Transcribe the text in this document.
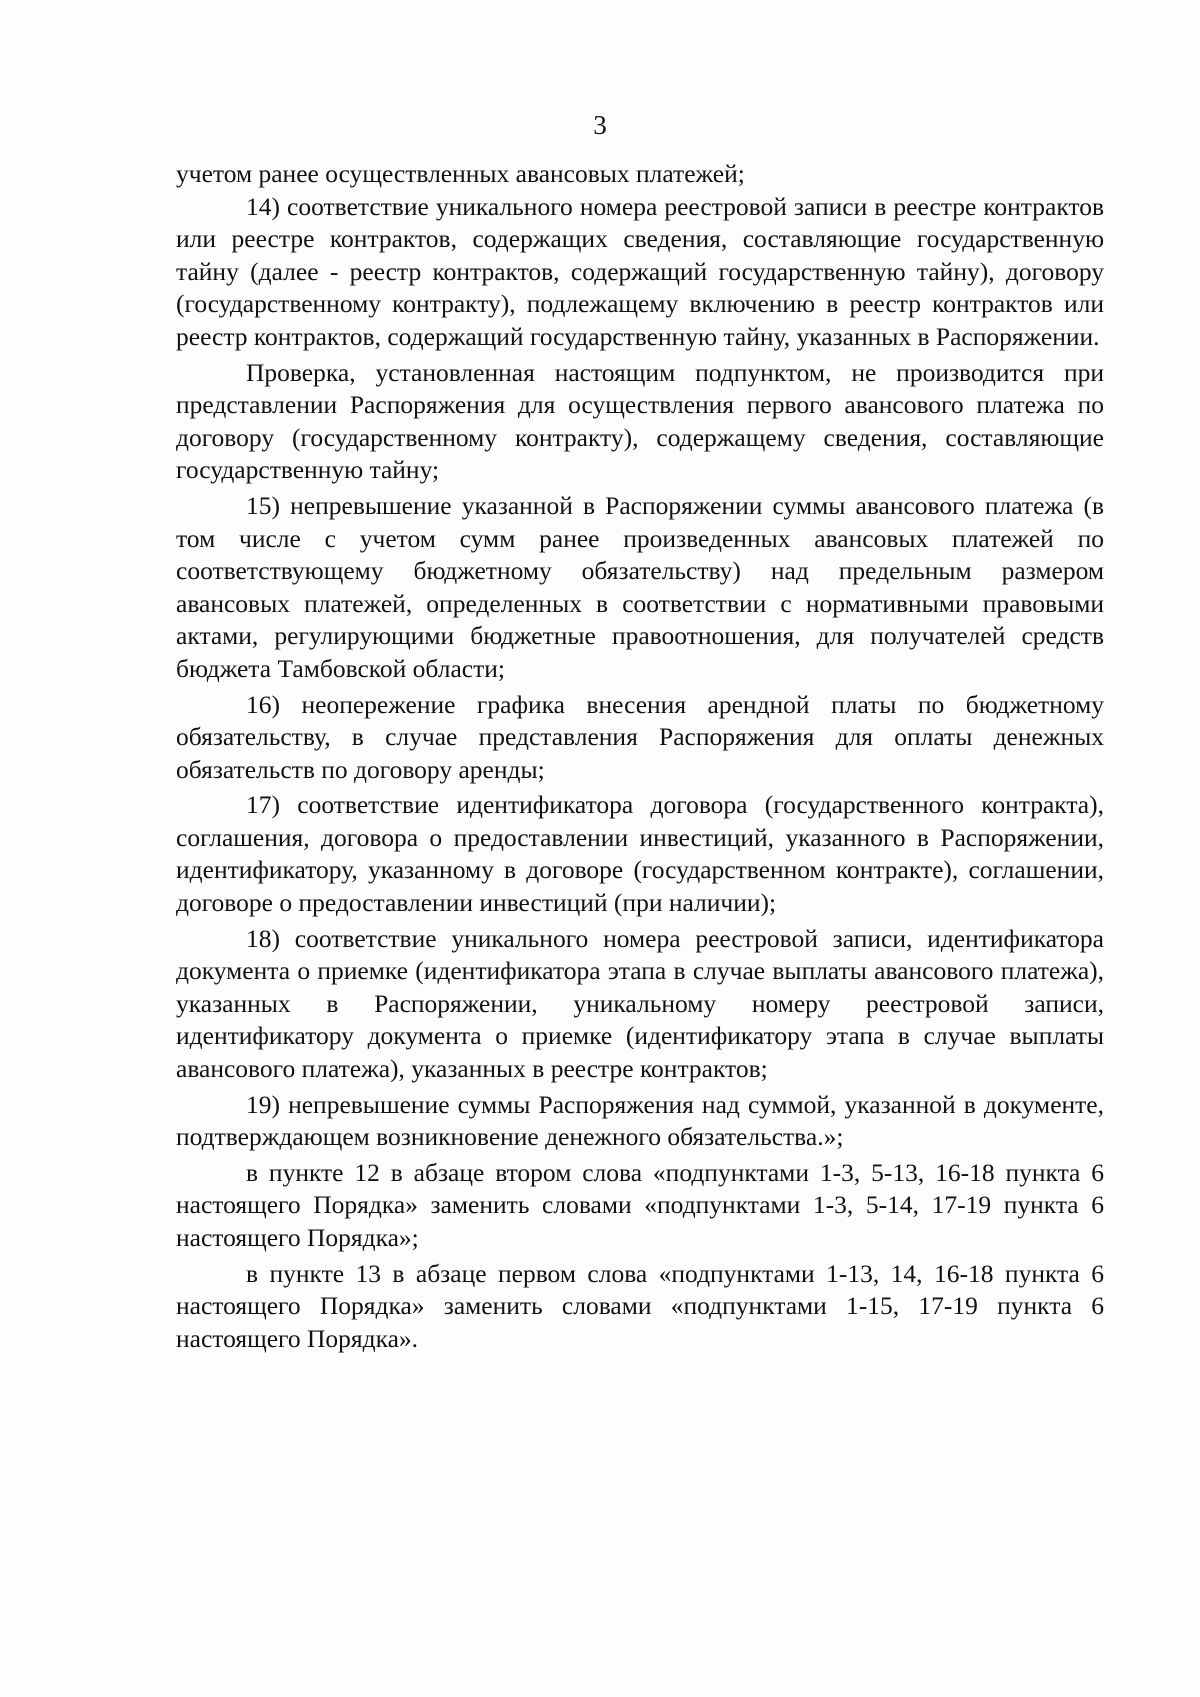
3

учетом ранее осуществленных авансовых платежей;

14) соответствие уникального номера реестровой записи в реестре контрактов или реестре контрактов, содержащих сведения, составляющие государственную тайну (далее - реестр контрактов, содержащий государственную тайну), договору (государственному контракту), подлежащему включению в реестр контрактов или реестр контрактов, содержащий государственную тайну, указанных в Распоряжении.

Проверка, установленная настоящим подпунктом, не производится при представлении Распоряжения для осуществления первого авансового платежа по договору (государственному контракту), содержащему сведения, составляющие государственную тайну;

15) непревышение указанной в Распоряжении суммы авансового платежа (в том числе с учетом сумм ранее произведенных авансовых платежей по соответствующему бюджетному обязательству) над предельным размером авансовых платежей, определенных в соответствии с нормативными правовыми актами, регулирующими бюджетные правоотношения, для получателей средств бюджета Тамбовской области;

16) неопережение графика внесения арендной платы по бюджетному обязательству, в случае представления Распоряжения для оплаты денежных обязательств по договору аренды;

17) соответствие идентификатора договора (государственного контракта), соглашения, договора о предоставлении инвестиций, указанного в Распоряжении, идентификатору, указанному в договоре (государственном контракте), соглашении, договоре о предоставлении инвестиций (при наличии);

18) соответствие уникального номера реестровой записи, идентификатора документа о приемке (идентификатора этапа в случае выплаты авансового платежа), указанных в Распоряжении, уникальному номеру реестровой записи, идентификатору документа о приемке (идентификатору этапа в случае выплаты авансового платежа), указанных в реестре контрактов;

19) непревышение суммы Распоряжения над суммой, указанной в документе, подтверждающем возникновение денежного обязательства.»;

в пункте 12 в абзаце втором слова «подпунктами 1-3, 5-13, 16-18 пункта 6 настоящего Порядка» заменить словами «подпунктами 1-3, 5-14, 17-19 пункта 6 настоящего Порядка»;

в пункте 13 в абзаце первом слова «подпунктами 1-13, 14, 16-18 пункта 6 настоящего Порядка» заменить словами «подпунктами 1-15, 17-19 пункта 6 настоящего Порядка».
